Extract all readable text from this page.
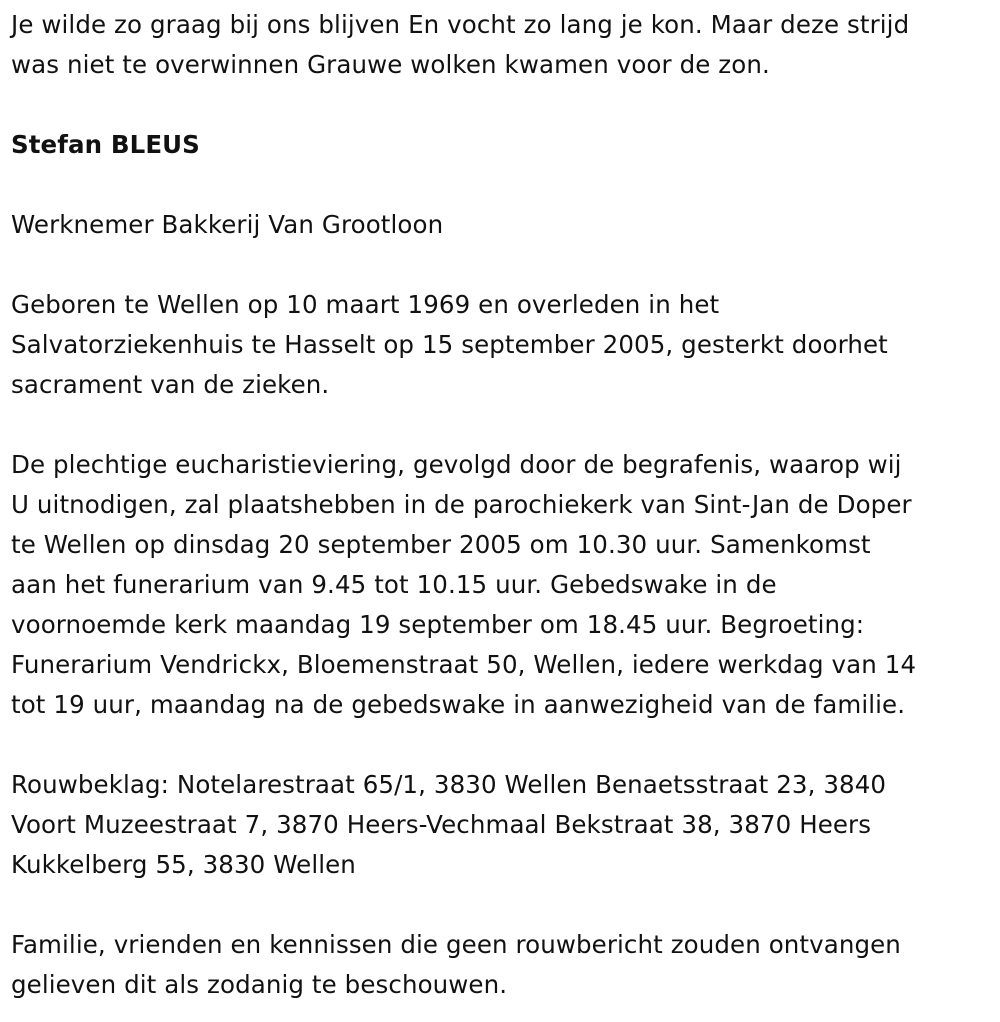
Je wilde zo graag bij ons blijven En vocht zo lang je kon. Maar deze strijd
was niet te overwinnen Grauwe wolken kwamen voor de zon.
Stefan BLEUS
Werknemer Bakkerij Van Grootloon
Geboren te Wellen op 10 maart 1969 en overleden in het
Salvatorziekenhuis te Hasselt op 15 september 2005, gesterkt doorhet
sacrament van de zieken.
De plechtige eucharistieviering, gevolgd door de begrafenis, waarop wij
U uitnodigen, zal plaatshebben in de parochiekerk van Sint-Jan de Doper
te Wellen op dinsdag 20 september 2005 om 10.30 uur. Samenkomst
aan het funerarium van 9.45 tot 10.15 uur. Gebedswake in de
voornoemde kerk maandag 19 september om 18.45 uur. Begroeting:
Funerarium Vendrickx, Bloemenstraat 50, Wellen, iedere werkdag van 14
tot 19 uur, maandag na de gebedswake in aanwezigheid van de familie.
Rouwbeklag: Notelarestraat 65/1, 3830 Wellen Benaetsstraat 23, 3840
Voort Muzeestraat 7, 3870 Heers-Vechmaal Bekstraat 38, 3870 Heers
Kukkelberg 55, 3830 Wellen
Familie, vrienden en kennissen die geen rouwbericht zouden ontvangen
gelieven dit als zodanig te beschouwen.
